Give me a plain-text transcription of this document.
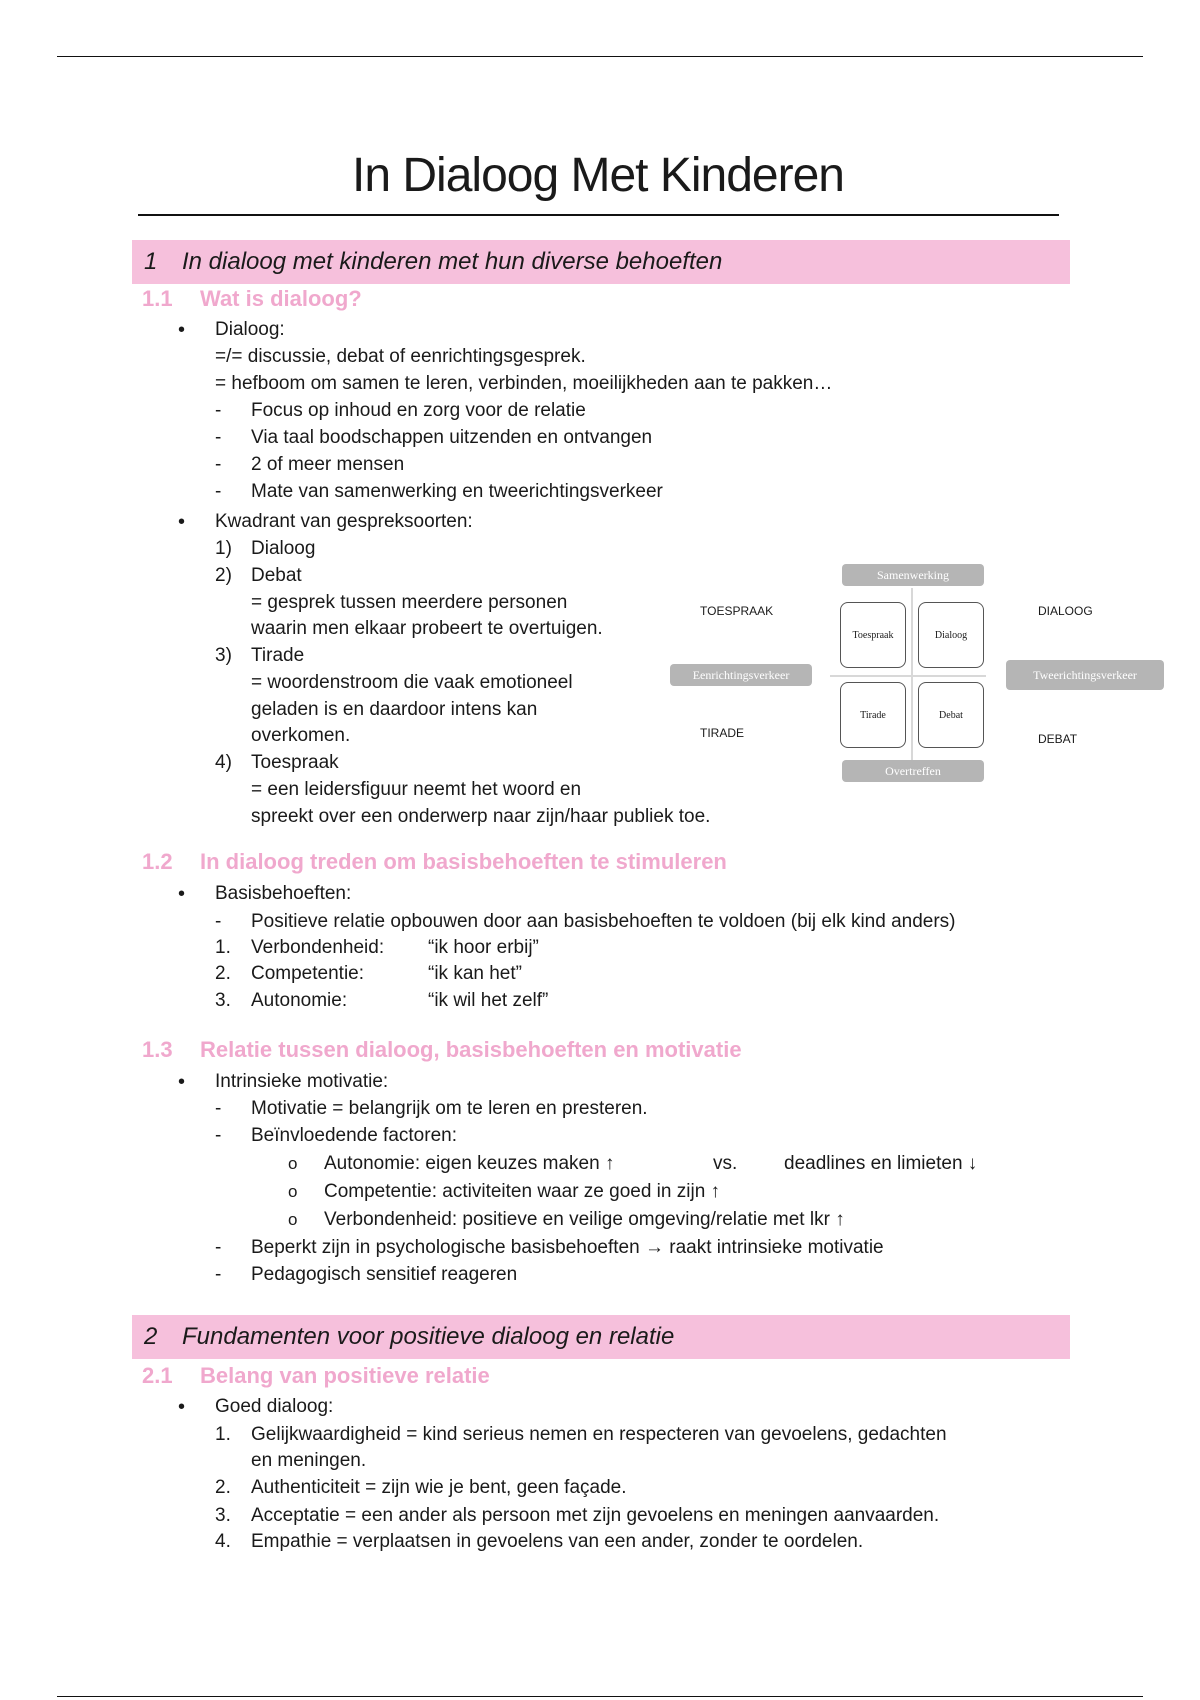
In Dialoog Met Kinderen
1 In dialoog met kinderen met hun diverse behoeften
1.1 Wat is dialoog?
• Dialoog:
=/= discussie, debat of eenrichtingsgesprek.
= hefboom om samen te leren, verbinden, moeilijkheden aan te pakken…
- Focus op inhoud en zorg voor de relatie
- Via taal boodschappen uitzenden en ontvangen
- 2 of meer mensen
- Mate van samenwerking en tweerichtingsverkeer
• Kwadrant van gespreksoorten:
1) Dialoog
2) Debat
= gesprek tussen meerdere personen
waarin men elkaar probeert te overtuigen.
3) Tirade
= woordenstroom die vaak emotioneel
geladen is en daardoor intens kan
overkomen.
4) Toespraak
= een leidersfiguur neemt het woord en
spreekt over een onderwerp naar zijn/haar publiek toe.
Samenwerking
Overtreffen
Eenrichtingsverkeer	Tweerichtingsverkeer
Toespraak	Dialoog
Tirade	Debat
TOESPRAAK	DIALOOG
TIRADE	DEBAT
1.2 In dialoog treden om basisbehoeften te stimuleren
• Basisbehoeften:
- Positieve relatie opbouwen door aan basisbehoeften te voldoen (bij elk kind anders)
1. Verbondenheid: “ik hoor erbij”
2. Competentie:	“ik kan het”
3. Autonomie:	“ik wil het zelf”
1.3 Relatie tussen dialoog, basisbehoeften en motivatie
• Intrinsieke motivatie:
- Motivatie = belangrijk om te leren en presteren.
- Beïnvloedende factoren:
o Autonomie: eigen keuzes maken ↑	vs. deadlines en limieten ↓
o Competentie: activiteiten waar ze goed in zijn ↑
o Verbondenheid: positieve en veilige omgeving/relatie met lkr ↑
- Beperkt zijn in psychologische basisbehoeften → raakt intrinsieke motivatie
- Pedagogisch sensitief reageren
2 Fundamenten voor positieve dialoog en relatie
2.1 Belang van positieve relatie
• Goed dialoog:
1. Gelijkwaardigheid = kind serieus nemen en respecteren van gevoelens, gedachten
en meningen.
2. Authenticiteit = zijn wie je bent, geen façade.
3. Acceptatie = een ander als persoon met zijn gevoelens en meningen aanvaarden.
4. Empathie = verplaatsen in gevoelens van een ander, zonder te oordelen.
